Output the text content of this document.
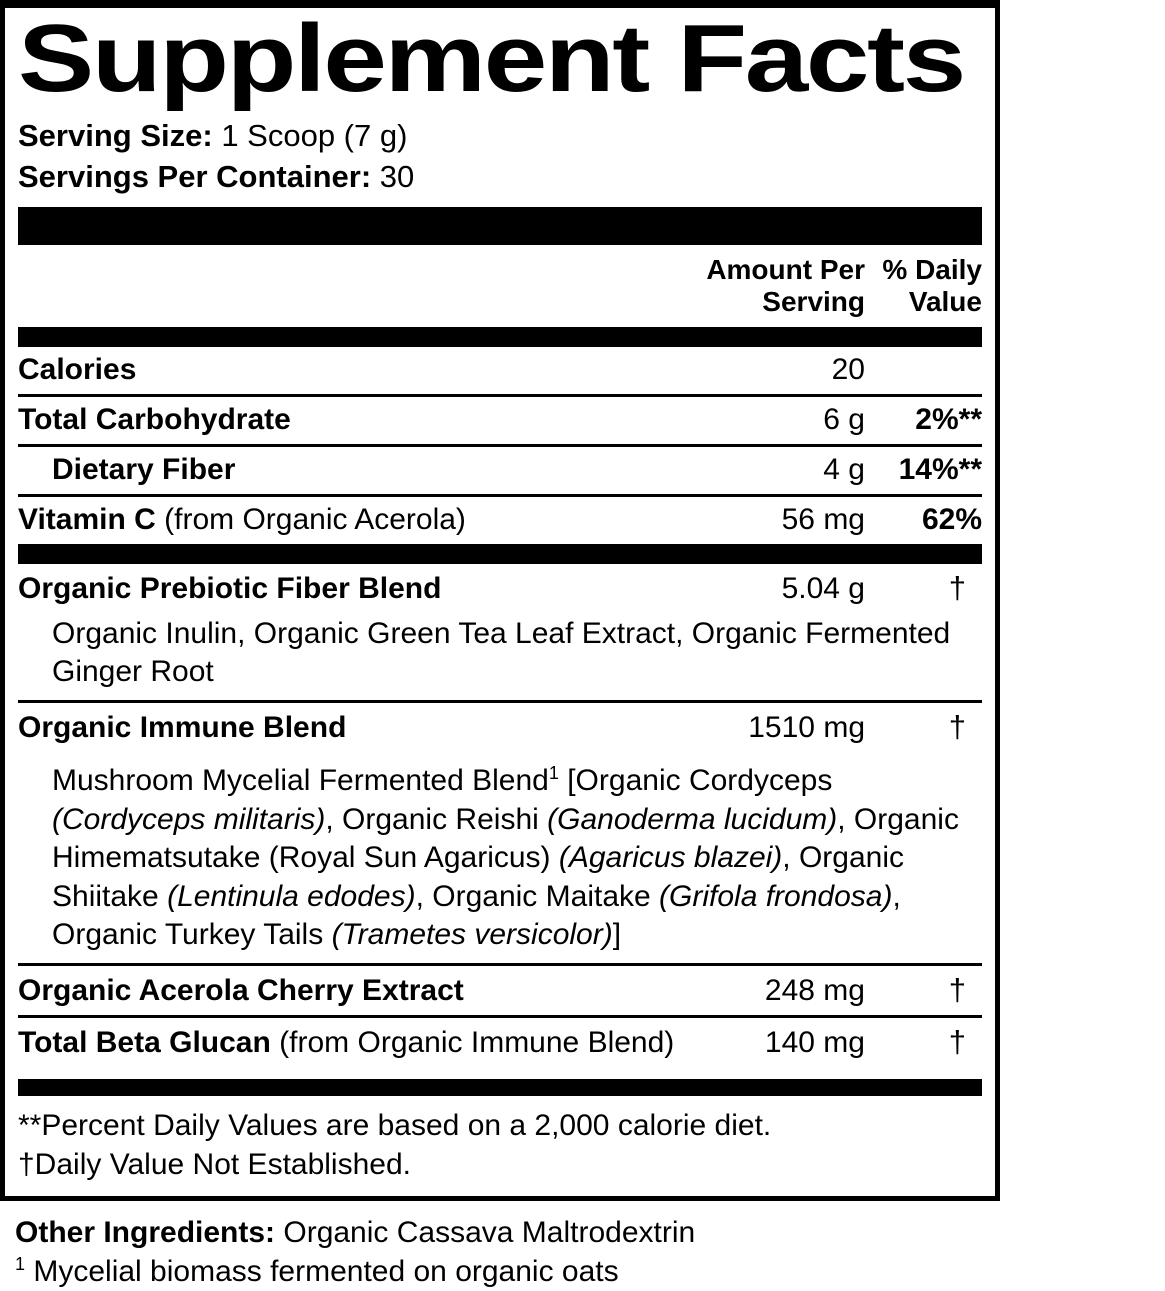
Supplement Facts
Serving Size: 1 Scoop (7 g)
Servings Per Container: 30
Amount Per
Serving
% Daily
Value
Calories	20
Total Carbohydrate	6 g	2%**
Dietary Fiber	4 g	14%**
Vitamin C (from Organic Acerola)	56 mg	62%
Organic Prebiotic Fiber Blend	5.04 g	†
Organic Inulin, Organic Green Tea Leaf Extract, Organic Fermented Ginger Root
Organic Immune Blend	1510 mg	†
Mushroom Mycelial Fermented Blend$^1$ [Organic Cordyceps (Cordyceps militaris), Organic Reishi (Ganoderma lucidum), Organic Himematsutake (Royal Sun Agaricus) (Agaricus blazei), Organic Shiitake (Lentinula edodes), Organic Maitake (Grifola frondosa), Organic Turkey Tails (Trametes versicolor)]
Organic Acerola Cherry Extract	248 mg	†
Total Beta Glucan (from Organic Immune Blend)	140 mg	†
**Percent Daily Values are based on a 2,000 calorie diet.
†Daily Value Not Established.
Other Ingredients: Organic Cassava Maltrodextrin
$^1$ Mycelial biomass fermented on organic oats
